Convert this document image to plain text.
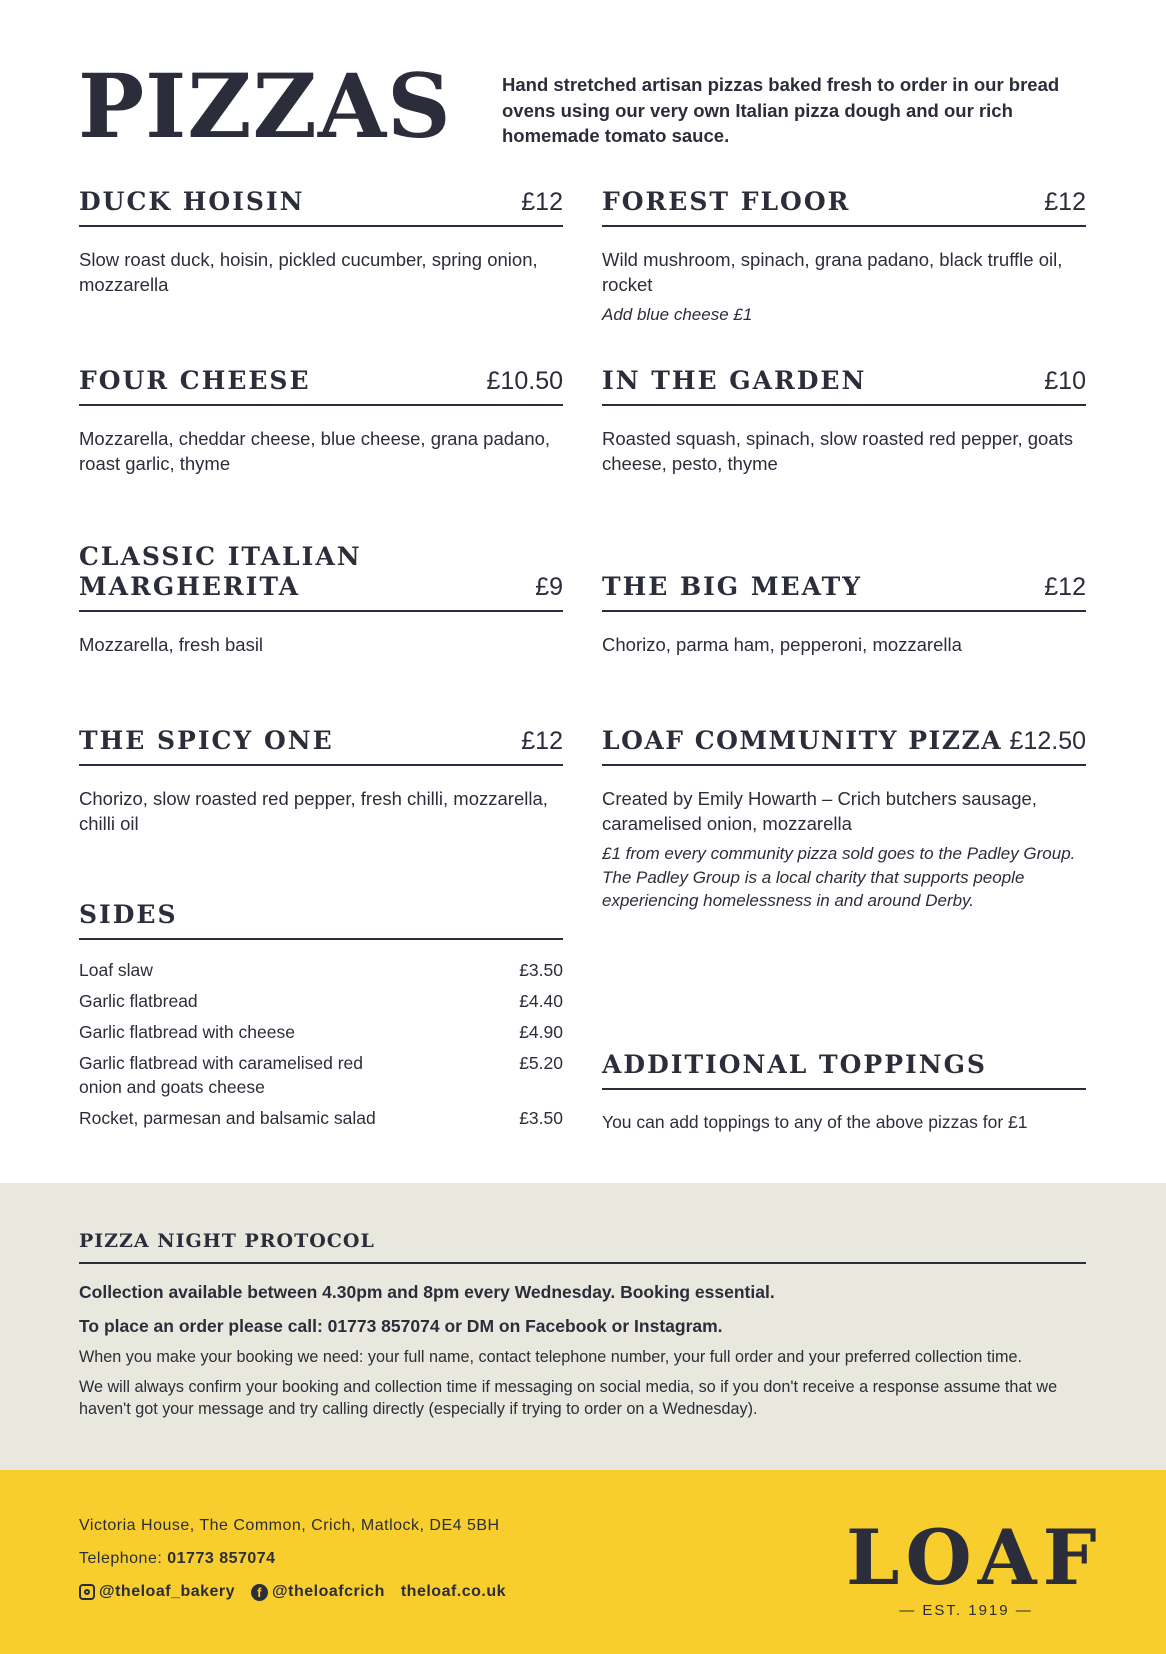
PIZZAS	Hand stretched artisan pizzas baked fresh to order in our bread ovens using our very own Italian pizza dough and our rich homemade tomato sauce.

DUCK HOISIN	£12

Slow roast duck, hoisin, pickled cucumber, spring onion, mozzarella

FOREST FLOOR	£12

Wild mushroom, spinach, grana padano, black truffle oil, rocket

Add blue cheese £1

FOUR CHEESE	£10.50

Mozzarella, cheddar cheese, blue cheese, grana padano, roast garlic, thyme

IN THE GARDEN	£10

Roasted squash, spinach, slow roasted red pepper, goats cheese, pesto, thyme

CLASSIC ITALIAN MARGHERITA	£9

Mozzarella, fresh basil

THE BIG MEATY	£12

Chorizo, parma ham, pepperoni, mozzarella

THE SPICY ONE	£12

Chorizo, slow roasted red pepper, fresh chilli, mozzarella, chilli oil

LOAF COMMUNITY PIZZA £12.50

Created by Emily Howarth – Crich butchers sausage, caramelised onion, mozzarella

£1 from every community pizza sold goes to the Padley Group. The Padley Group is a local charity that supports people experiencing homelessness in and around Derby.

SIDES
Loaf slaw	£3.50
Garlic flatbread	£4.40
Garlic flatbread with cheese	£4.90
Garlic flatbread with caramelised red onion and goats cheese
£5.20
Rocket, parmesan and balsamic salad	£3.50
ADDITIONAL TOPPINGS

You can add toppings to any of the above pizzas for £1

PIZZA NIGHT PROTOCOL

Collection available between 4.30pm and 8pm every Wednesday. Booking essential.

To place an order please call: 01773 857074 or DM on Facebook or Instagram.

When you make your booking we need: your full name, contact telephone number, your full order and your preferred collection time.

We will always confirm your booking and collection time if messaging on social media, so if you don't receive a response assume that we haven't got your message and try calling directly (especially if trying to order on a Wednesday).

Victoria House, The Common, Crich, Matlock, DE4 5BH
Telephone: 01773 857074
@theloaf_bakery	f @theloafcrich theloaf.co.uk	LOAF
— EST. 1919 —
